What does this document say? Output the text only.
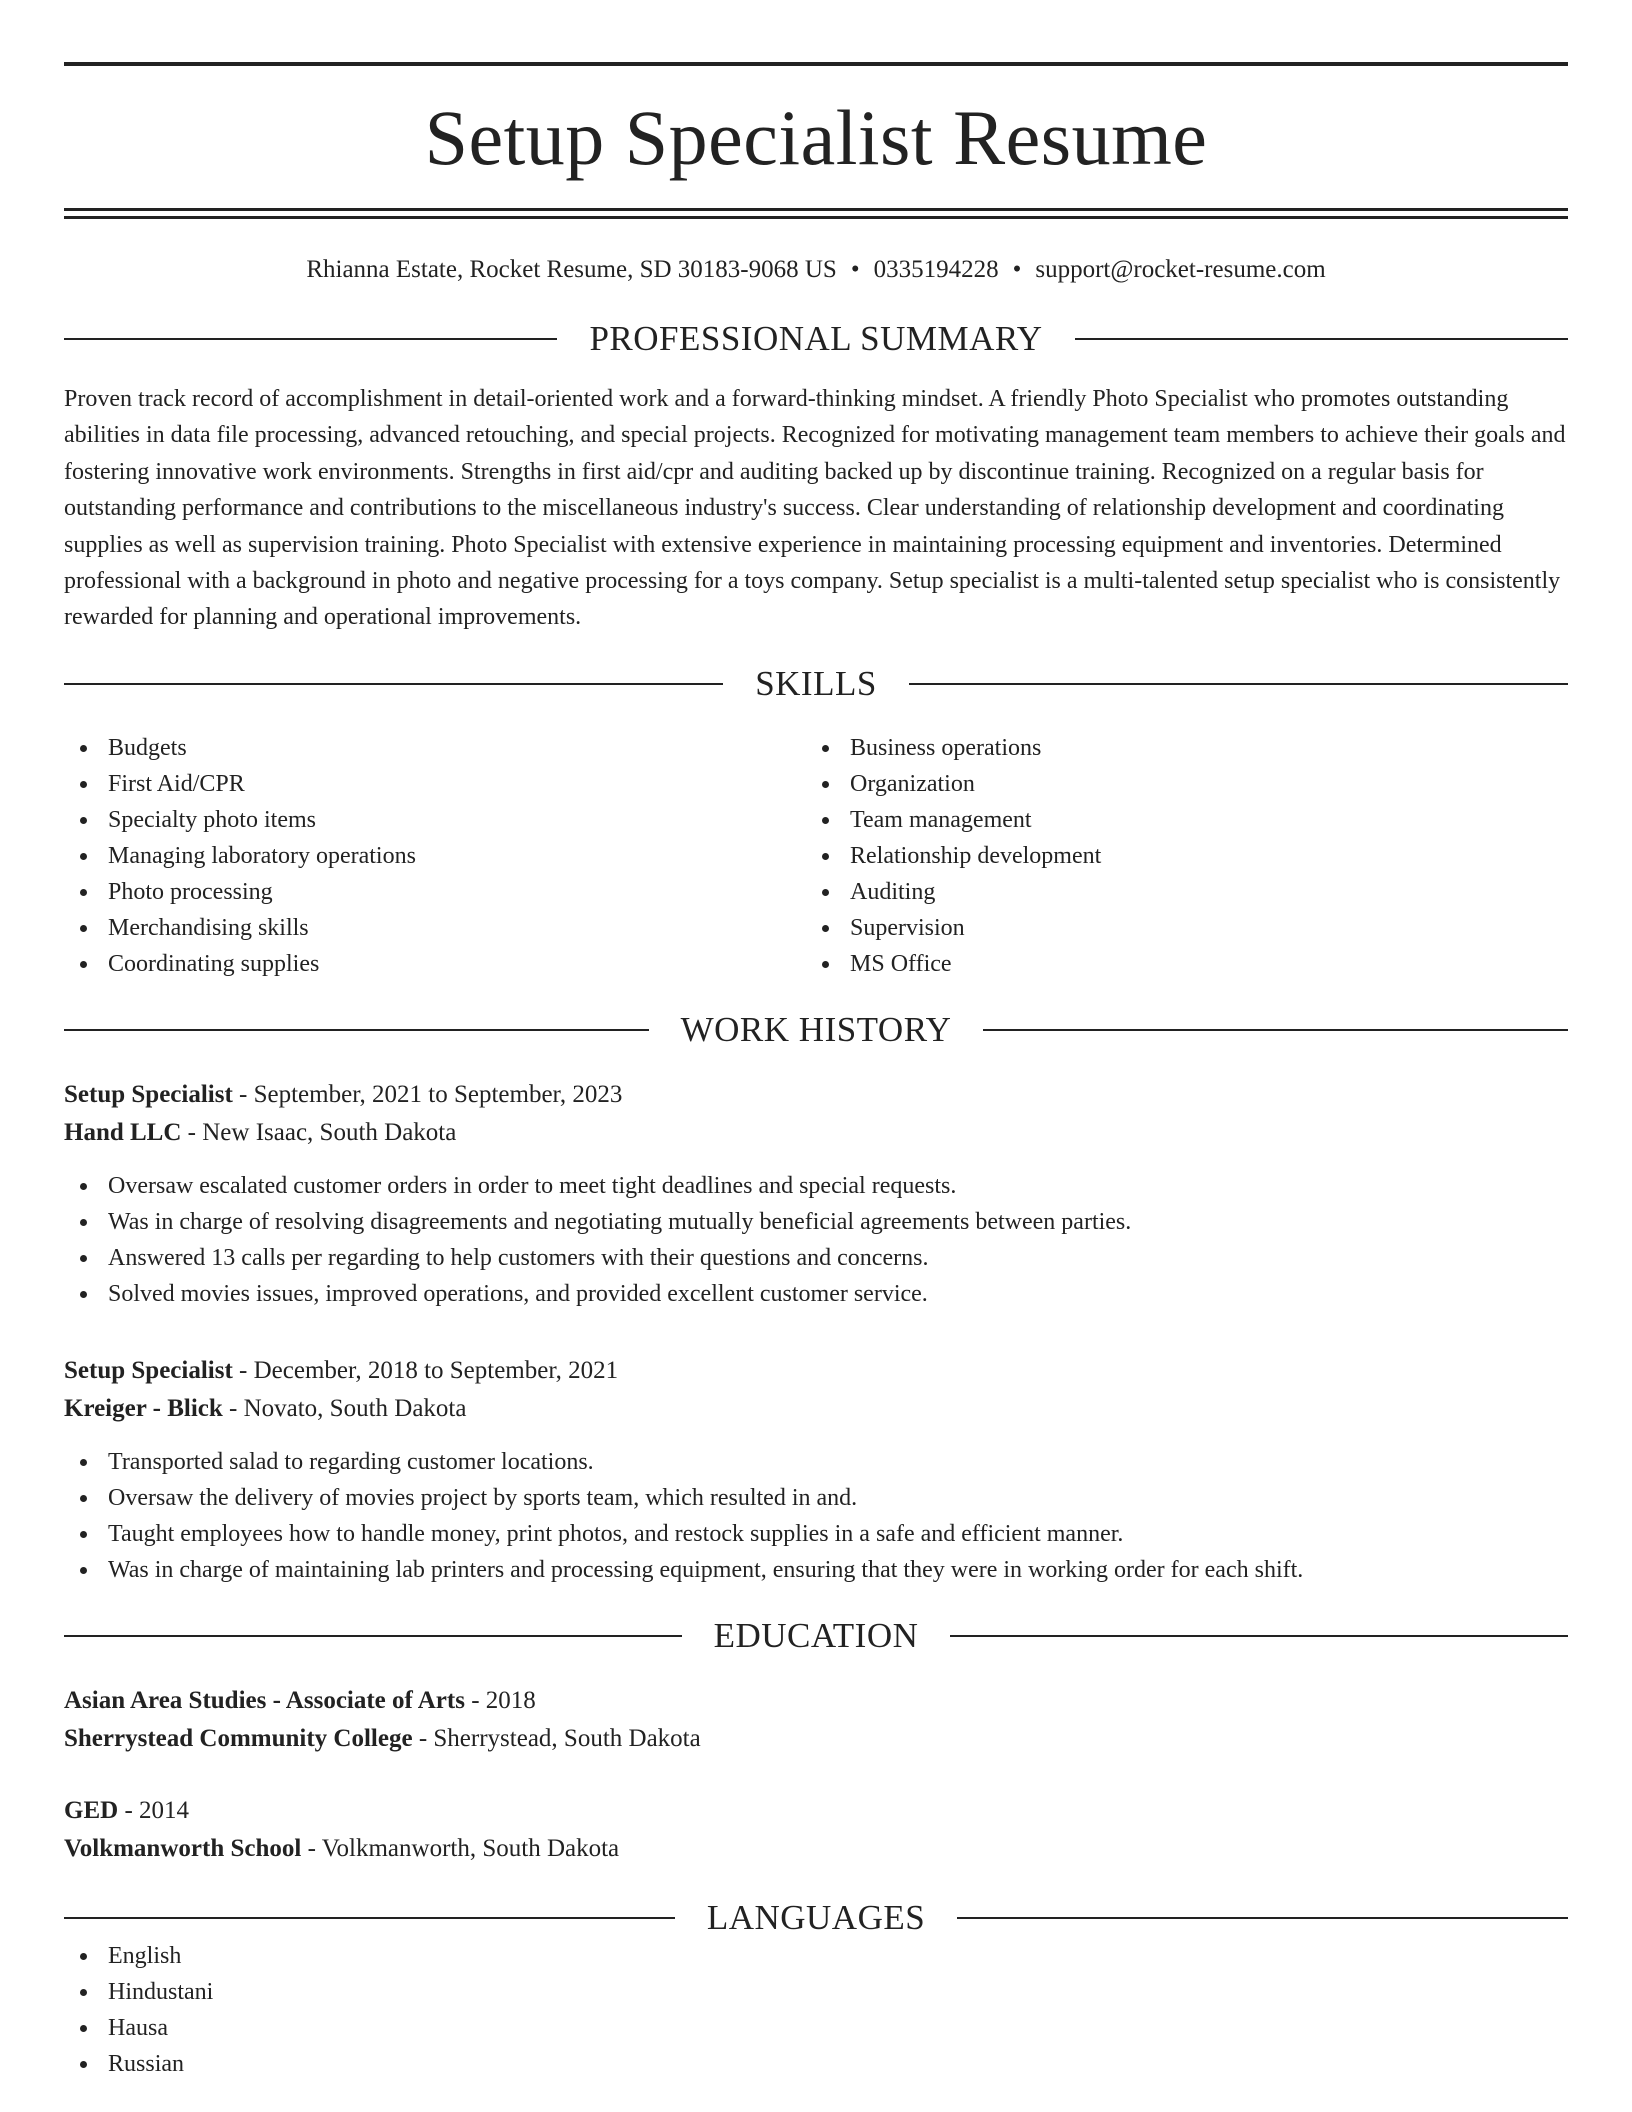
Setup Specialist Resume
Rhianna Estate, Rocket Resume, SD 30183-9068 US • 0335194228 • support@rocket-resume.com
PROFESSIONAL SUMMARY

Proven track record of accomplishment in detail-oriented work and a forward-thinking mindset. A friendly Photo Specialist who promotes outstanding abilities in data file processing, advanced retouching, and special projects. Recognized for motivating management team members to achieve their goals and fostering innovative work environments. Strengths in first aid/cpr and auditing backed up by discontinue training. Recognized on a regular basis for outstanding performance and contributions to the miscellaneous industry's success. Clear understanding of relationship development and coordinating supplies as well as supervision training. Photo Specialist with extensive experience in maintaining processing equipment and inventories. Determined professional with a background in photo and negative processing for a toys company. Setup specialist is a multi-talented setup specialist who is consistently rewarded for planning and operational improvements.

SKILLS
Budgets
First Aid/CPR
Specialty photo items
Managing laboratory operations
Photo processing
Merchandising skills
Coordinating supplies
Business operations
Organization
Team management
Relationship development
Auditing
Supervision
MS Office
WORK HISTORY
Setup Specialist - September, 2021 to September, 2023
Hand LLC - New Isaac, South Dakota
Oversaw escalated customer orders in order to meet tight deadlines and special requests.
Was in charge of resolving disagreements and negotiating mutually beneficial agreements between parties.
Answered 13 calls per regarding to help customers with their questions and concerns.
Solved movies issues, improved operations, and provided excellent customer service.
Setup Specialist - December, 2018 to September, 2021
Kreiger - Blick - Novato, South Dakota
Transported salad to regarding customer locations.
Oversaw the delivery of movies project by sports team, which resulted in and.
Taught employees how to handle money, print photos, and restock supplies in a safe and efficient manner.
Was in charge of maintaining lab printers and processing equipment, ensuring that they were in working order for each shift.
EDUCATION
Asian Area Studies - Associate of Arts - 2018
Sherrystead Community College - Sherrystead, South Dakota
GED - 2014
Volkmanworth School - Volkmanworth, South Dakota
LANGUAGES
English
Hindustani
Hausa
Russian
